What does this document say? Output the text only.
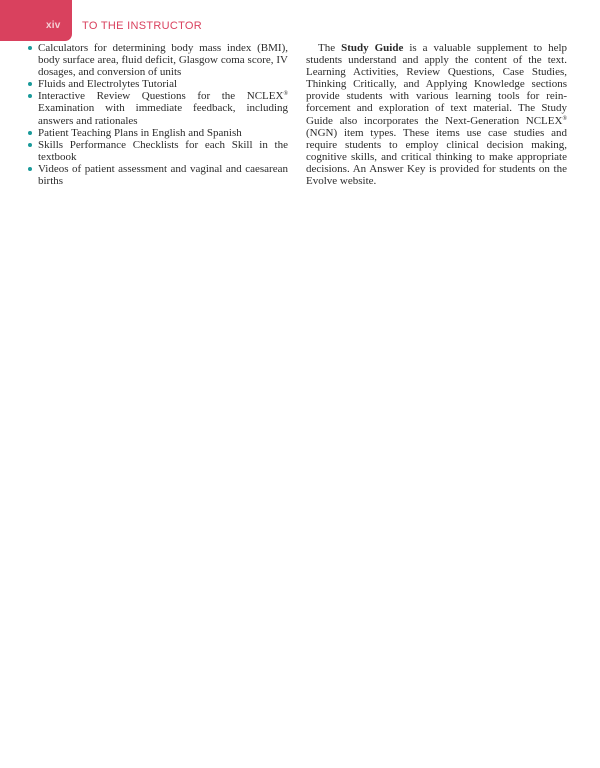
xiv TO THE INSTRUCTOR
Calculators for determining body mass index (BMI), body surface area, fluid deficit, Glasgow coma score, IV dosages, and conversion of units
Fluids and Electrolytes Tutorial
Interactive Review Questions for the NCLEX® Examination with immediate feedback, including answers and rationales
Patient Teaching Plans in English and Spanish
Skills Performance Checklists for each Skill in the textbook
Videos of patient assessment and vaginal and caesarean births

The Study Guide is a valuable supplement to help students understand and apply the content of the text. Learning Activities, Review Questions, Case Studies, Thinking Critically, and Applying Knowledge sections provide students with various learning tools for reinforcement and exploration of text material. The Study Guide also incorporates the Next-Generation NCLEX® (NGN) item types. These items use case studies and require students to employ clinical decision making, cognitive skills, and critical thinking to make appropriate decisions. An Answer Key is provided for students on the Evolve website.
